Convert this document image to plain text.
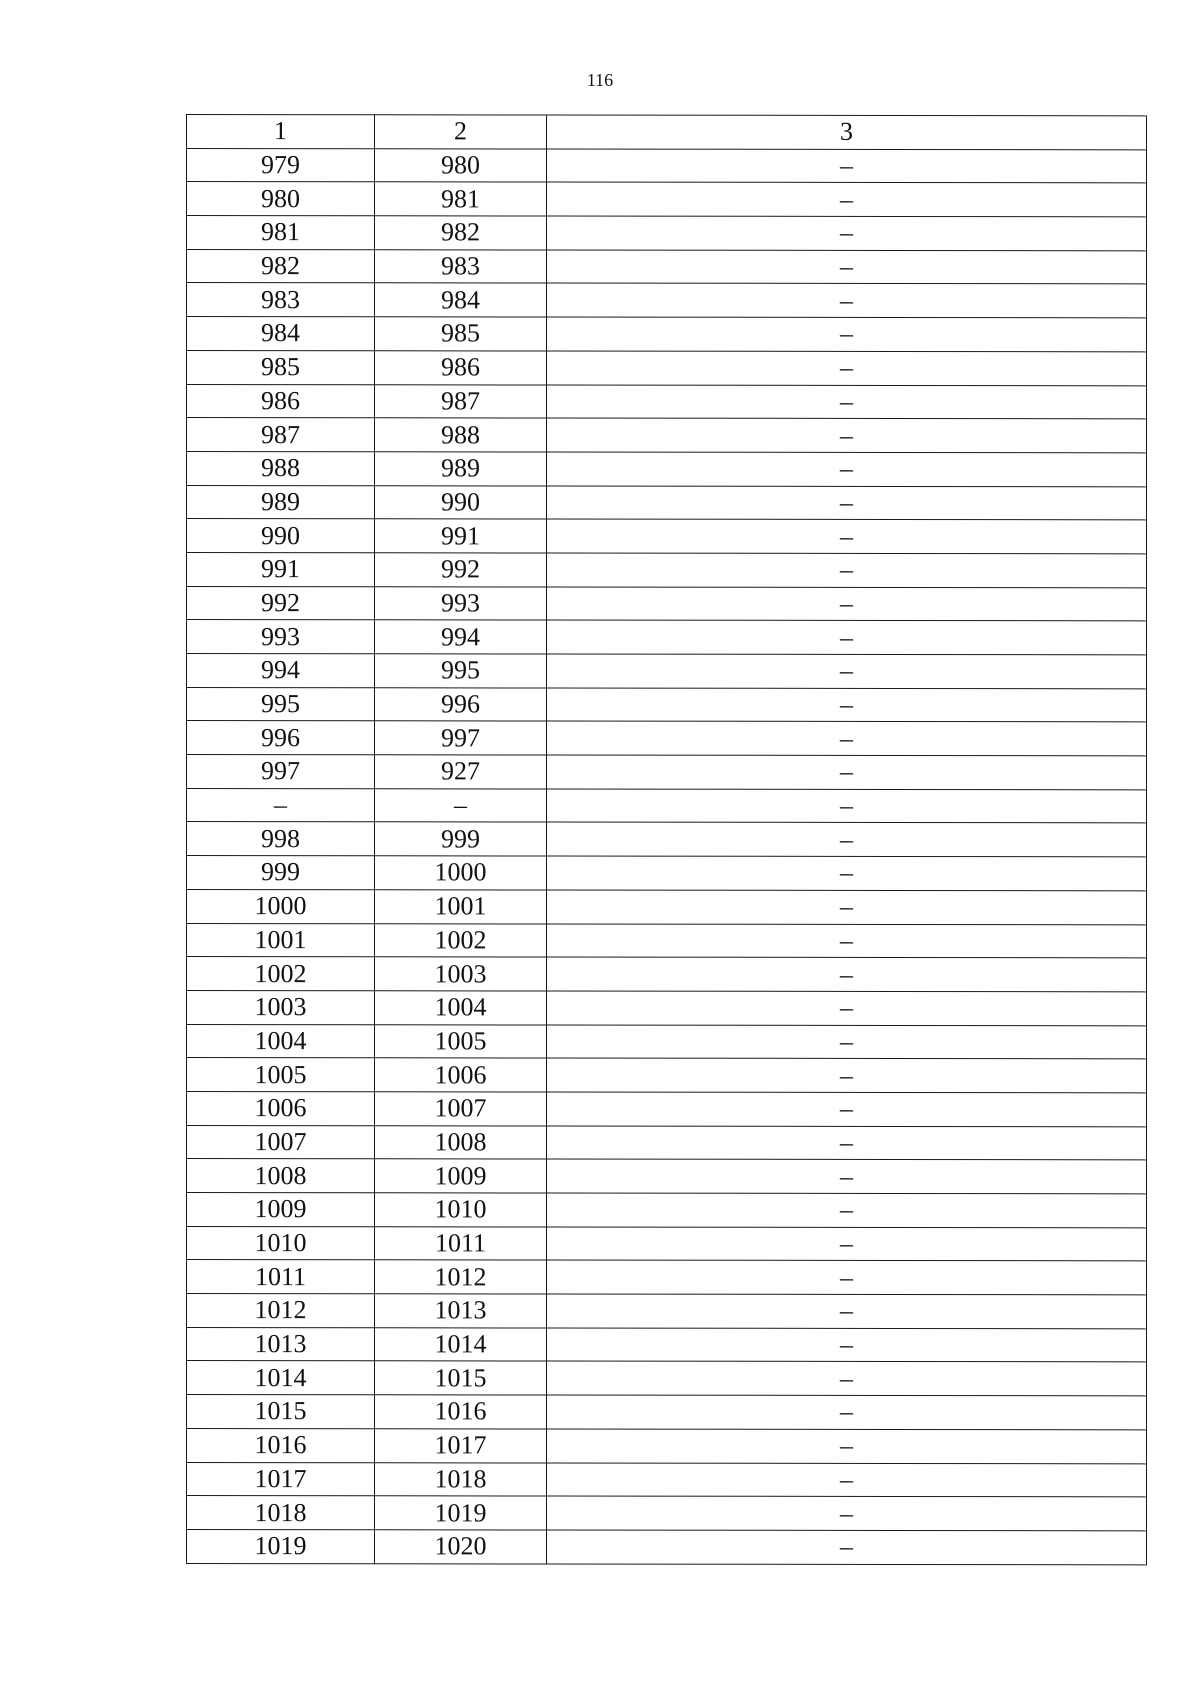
116
1	2	3
979	980	–
980	981	–
981	982	–
982	983	–
983	984	–
984	985	–
985	986	–
986	987	–
987	988	–
988	989	–
989	990	–
990	991	–
991	992	–
992	993	–
993	994	–
994	995	–
995	996	–
996	997	–
997	927	–
–	–	–
998	999	–
999	1000	–
1000	1001	–
1001	1002	–
1002	1003	–
1003	1004	–
1004	1005	–
1005	1006	–
1006	1007	–
1007	1008	–
1008	1009	–
1009	1010	–
1010	1011	–
1011	1012	–
1012	1013	–
1013	1014	–
1014	1015	–
1015	1016	–
1016	1017	–
1017	1018	–
1018	1019	–
1019	1020	–
